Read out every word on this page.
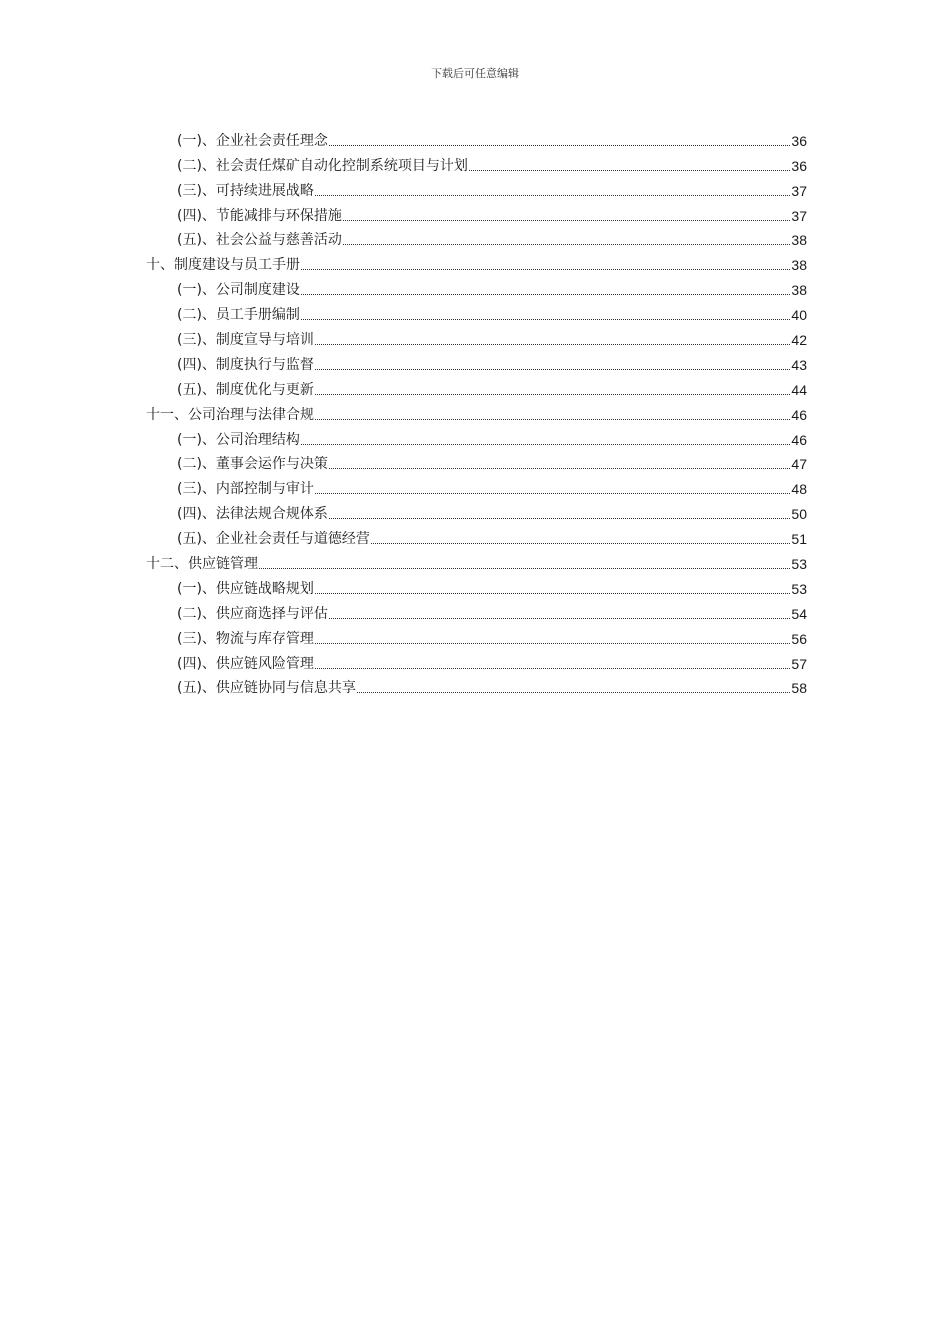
下载后可任意编辑
(一)、企业社会责任理念	36
(二)、社会责任煤矿自动化控制系统项目与计划	36
(三)、可持续进展战略	37
(四)、节能减排与环保措施	37
(五)、社会公益与慈善活动	38
十、制度建设与员工手册	38
(一)、公司制度建设	38
(二)、员工手册编制	40
(三)、制度宣导与培训	42
(四)、制度执行与监督	43
(五)、制度优化与更新	44
十一、公司治理与法律合规	46
(一)、公司治理结构	46
(二)、董事会运作与决策	47
(三)、内部控制与审计	48
(四)、法律法规合规体系	50
(五)、企业社会责任与道德经营	51
十二、供应链管理	53
(一)、供应链战略规划	53
(二)、供应商选择与评估	54
(三)、物流与库存管理	56
(四)、供应链风险管理	57
(五)、供应链协同与信息共享	58
